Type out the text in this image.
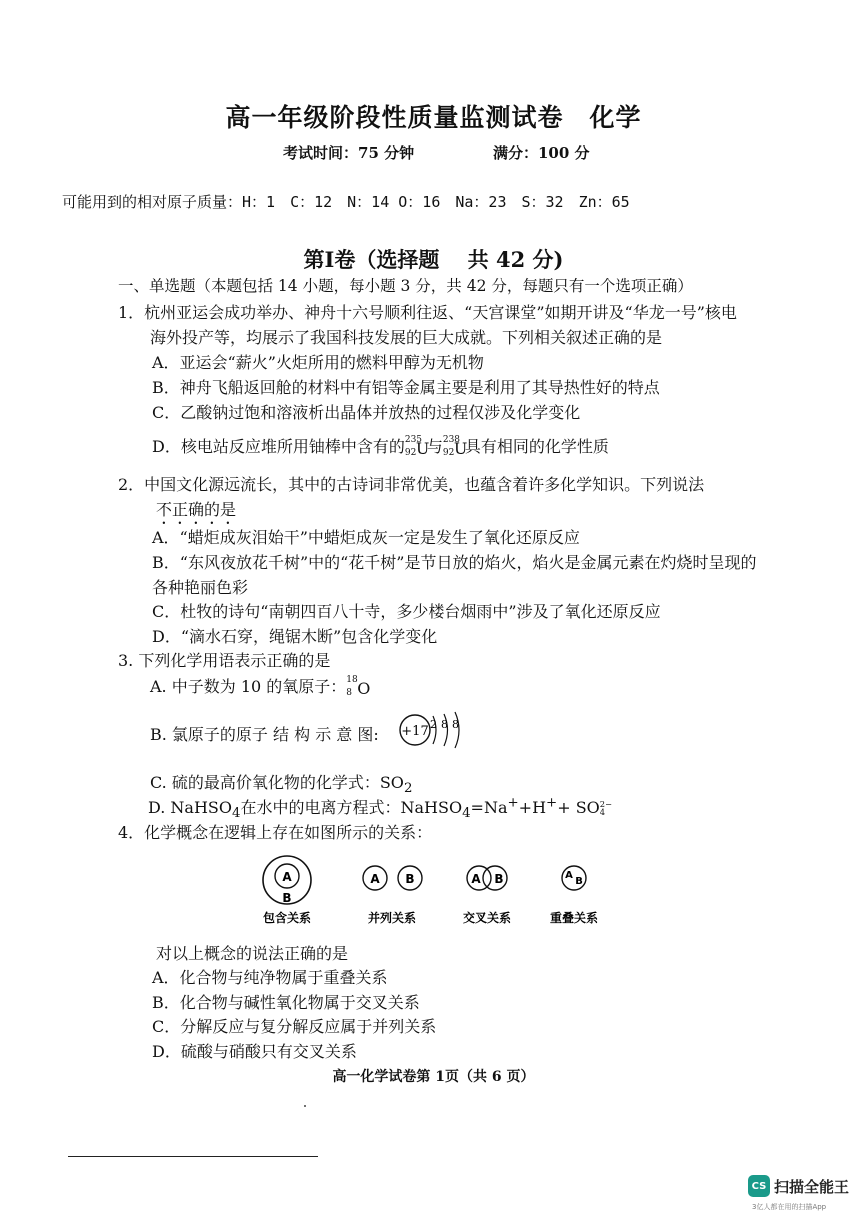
高一年级阶段性质量监测试卷　化学
考试时间：75 分钟	满分：100 分
可能用到的相对原子质量：H：1　C：12　N：14 O：16　Na：23　S：32　Zn：65
第Ⅰ卷（选择题　 共 42 分)
一、单选题（本题包括 14 小题，每小题 3 分，共 42 分，每题只有一个选项正确）
1．杭州亚运会成功举办、神舟十六号顺利往返、“天宫课堂”如期开讲及“华龙一号”核电
海外投产等，均展示了我国科技发展的巨大成就。下列相关叙述正确的是
A．亚运会“薪火”火炬所用的燃料甲醇为无机物
B．神舟飞船返回舱的材料中有铝等金属主要是利用了其导热性好的特点
C．乙酸钠过饱和溶液析出晶体并放热的过程仅涉及化学变化
D．核电站反应堆所用铀棒中含有的 235
92 U
与 238
92 U
具有相同的化学性质
2．中国文化源远流长，其中的古诗词非常优美，也蕴含着许多化学知识。下列说法
不正确的是
A．“蜡炬成灰泪始干”中蜡炬成灰一定是发生了氧化还原反应
B．“东风夜放花千树”中的“花千树”是节日放的焰火，焰火是金属元素在灼烧时呈现的
各种艳丽色彩
C．杜牧的诗句“南朝四百八十寺，多少楼台烟雨中”涉及了氧化还原反应
D．“滴水石穿，绳锯木断”包含化学变化
3. 下列化学用语表示正确的是
A. 中子数为 10 的氧原子： 18
8 O
B. 氯原子的原子 结 构 示 意 图: +17 2 8 8
C. 硫的最高价氧化物的化学式：$SO_2$
D. NaHSO$_4$在水中的电离方程式：NaHSO$_4$=Na++H++ SO 2−
4
4．化学概念在逻辑上存在如图所示的关系：
A
B
A B	A B	A
B
包含关系	并列关系	交叉关系	重叠关系
对以上概念的说法正确的是
A．化合物与纯净物属于重叠关系
B．化合物与碱性氧化物属于交叉关系
C．分解反应与复分解反应属于并列关系
D．硫酸与硝酸只有交叉关系
高一化学试卷第 1页（共 6 页）
CS 扫描全能王
3亿人都在用的扫描App
